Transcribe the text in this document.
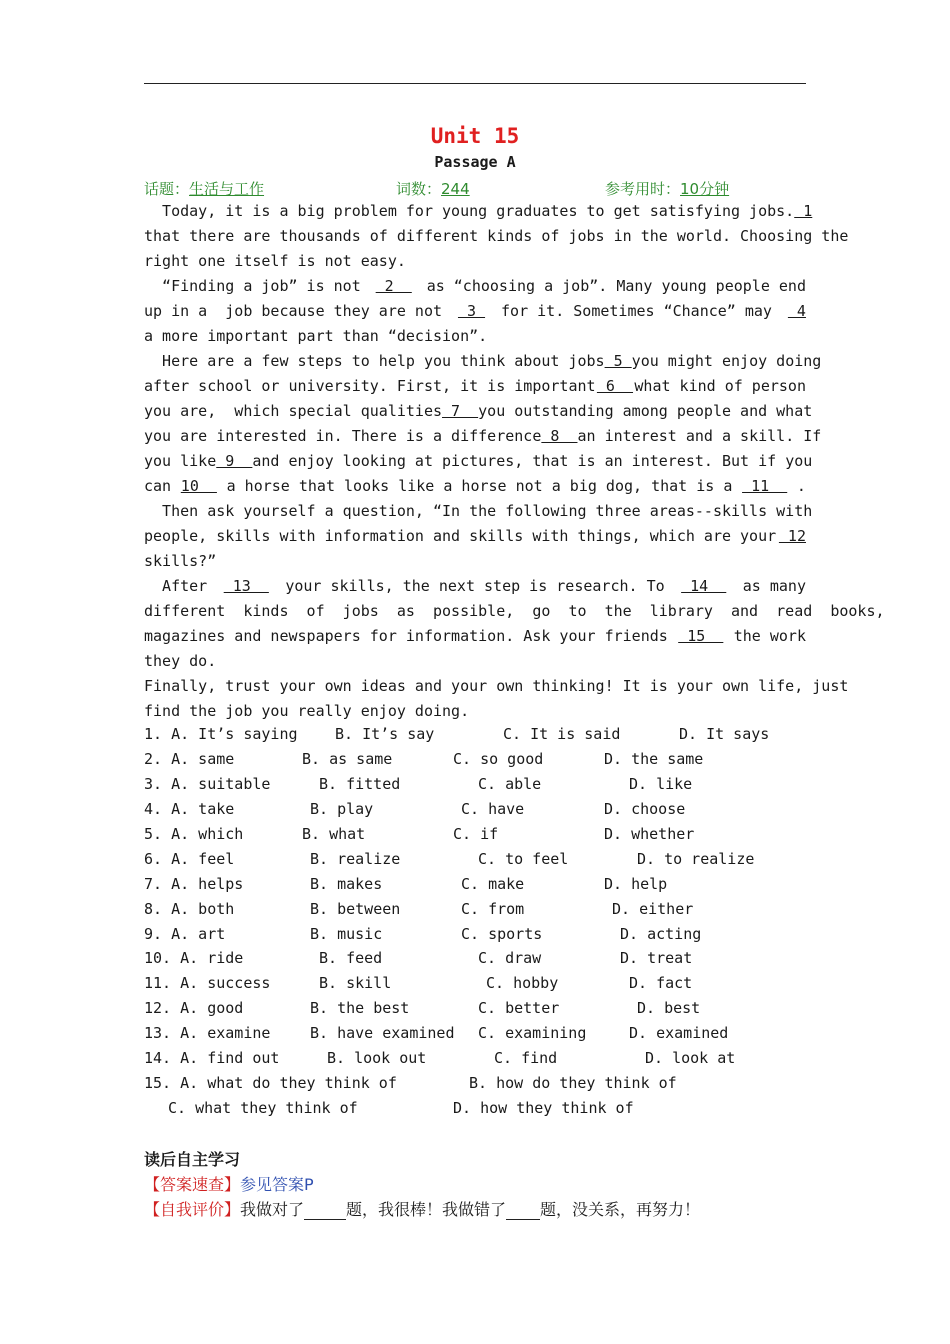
Unit 15
Passage A
话题：生活与工作	词数：244	参考用时：10分钟
Today, it is a big problem for young graduates to get satisfying jobs. 1
that there are thousands of different kinds of jobs in the world. Choosing the
right one itself is not easy.
“Finding a job” is not 2 as “choosing a job”. Many young people end
up in a  job because they are not 3 for it. Sometimes “Chance” may 4
a more important part than “decision”.
Here are a few steps to help you think about jobs 5 you might enjoy doing
after school or university. First, it is important 6 what kind of person
you are,  which special qualities 7 you outstanding among people and what
you are interested in. There is a difference 8 an interest and a skill. If
you like 9 and enjoy looking at pictures, that is an interest. But if you
can 10 a horse that looks like a horse not a big dog, that is a 11 .
Then ask yourself a question, “In the following three areas--skills with
people, skills with information and skills with things, which are your 12
skills?”
After 13 your skills, the next step is research. To 14 as many
different  kinds  of  jobs  as  possible,  go  to  the  library  and  read  books,
magazines and newspapers for information. Ask your friends 15 the work
they do.
Finally, trust your own ideas and your own thinking! It is your own life, just
find the job you really enjoy doing.
1. A. It’s saying B. It’s say	C. It is said	D. It says
2. A. same	B. as same	C. so good	D. the same
3. A. suitable	B. fitted	C. able	D. like
4. A. take	B. play	C. have	D. choose
5. A. which	B. what	C. if	D. whether
6. A. feel	B. realize	C. to feel	D. to realize
7. A. helps	B. makes	C. make	D. help
8. A. both	B. between	C. from	D. either
9. A. art	B. music	C. sports	D. acting
10. A. ride	B. feed	C. draw	D. treat
11. A. success	B. skill	C. hobby	D. fact
12. A. good	B. the best	C. better	D. best
13. A. examine	B. have examined C. examining	D. examined
14. A. find out	B. look out	C. find	D. look at
15. A. what do they think of	B. how do they think of
C. what they think of	D. how they think of
读后自主学习
【答案速查】参见答案P
【自我评价】我做对了	题，我很棒！我做错了 题，没关系，再努力！
